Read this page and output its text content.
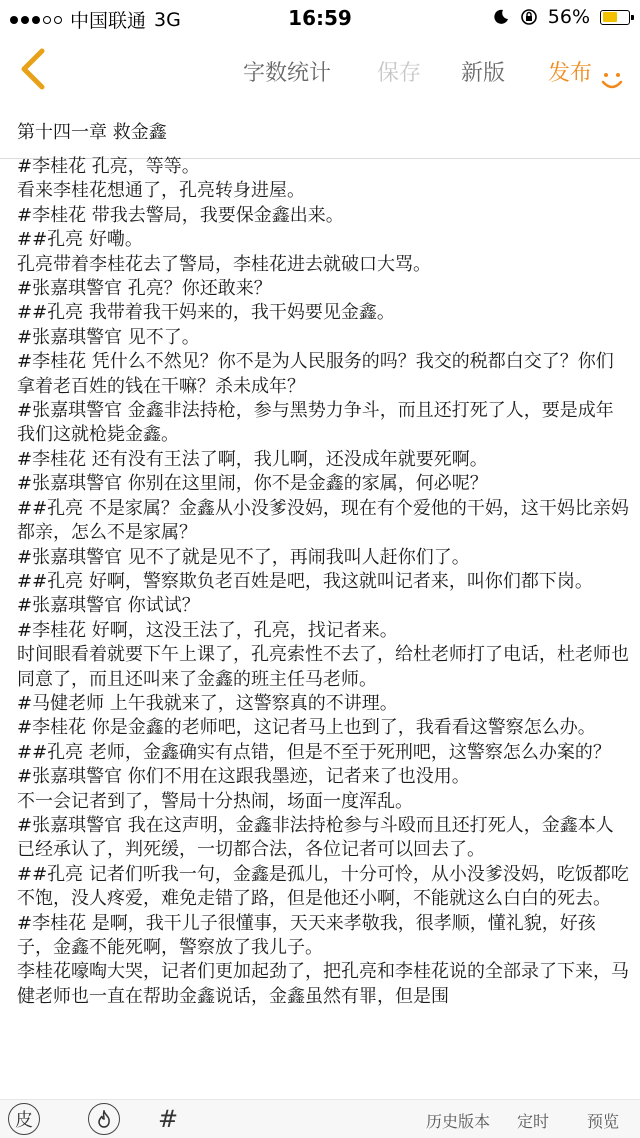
中国联通 3G	16:59	56%
字数统计 保存 新版 发布
第十四一章 救金鑫

#李桂花 孔亮，等等。

看来李桂花想通了，孔亮转身进屋。

#李桂花 带我去警局，我要保金鑫出来。

##孔亮 好嘞。

孔亮带着李桂花去了警局，李桂花进去就破口大骂。

#张嘉琪警官 孔亮？你还敢来？

##孔亮 我带着我干妈来的，我干妈要见金鑫。

#张嘉琪警官 见不了。

#李桂花 凭什么不然见？你不是为人民服务的吗？我交的税都白交了？你们拿着老百姓的钱在干嘛？杀未成年？

#张嘉琪警官 金鑫非法持枪，参与黑势力争斗，而且还打死了人，要是成年我们这就枪毙金鑫。

#李桂花 还有没有王法了啊，我儿啊，还没成年就要死啊。

#张嘉琪警官 你别在这里闹，你不是金鑫的家属，何必呢？

##孔亮 不是家属？金鑫从小没爹没妈，现在有个爱他的干妈，这干妈比亲妈都亲，怎么不是家属？

#张嘉琪警官 见不了就是见不了，再闹我叫人赶你们了。

##孔亮 好啊，警察欺负老百姓是吧，我这就叫记者来，叫你们都下岗。

#张嘉琪警官 你试试？

#李桂花 好啊，这没王法了，孔亮，找记者来。

时间眼看着就要下午上课了，孔亮索性不去了，给杜老师打了电话，杜老师也同意了，而且还叫来了金鑫的班主任马老师。

#马健老师 上午我就来了，这警察真的不讲理。

#李桂花 你是金鑫的老师吧，这记者马上也到了，我看看这警察怎么办。

##孔亮 老师，金鑫确实有点错，但是不至于死刑吧，这警察怎么办案的？

#张嘉琪警官 你们不用在这跟我墨迹，记者来了也没用。

不一会记者到了，警局十分热闹，场面一度浑乱。

#张嘉琪警官 我在这声明，金鑫非法持枪参与斗殴而且还打死人，金鑫本人已经承认了，判死缓，一切都合法，各位记者可以回去了。

##孔亮 记者们听我一句，金鑫是孤儿，十分可怜，从小没爹没妈，吃饭都吃不饱，没人疼爱，难免走错了路，但是他还小啊，不能就这么白白的死去。

#李桂花 是啊，我干儿子很懂事，天天来孝敬我，很孝顺，懂礼貌，好孩子，金鑫不能死啊，警察放了我儿子。

李桂花嚎啕大哭，记者们更加起劲了，把孔亮和李桂花说的全部录了下来，马健老师也一直在帮助金鑫说话，金鑫虽然有罪，但是围

皮	#	历史版本 定时 预览
